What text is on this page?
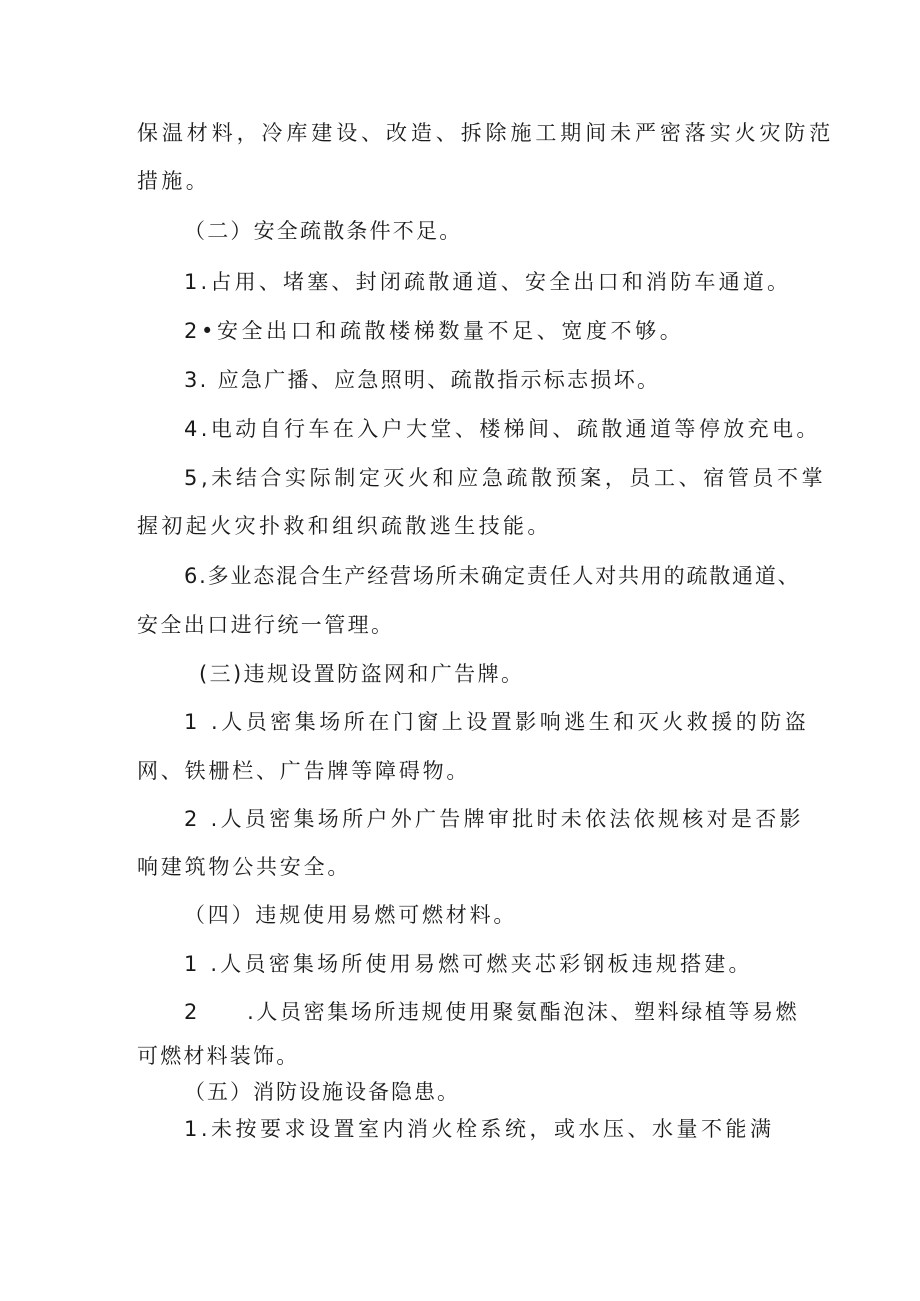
保温材料，冷库建设、改造、拆除施工期间未严密落实火灾防范
措施。
（二）安全疏散条件不足。
1.占用、堵塞、封闭疏散通道、安全出口和消防车通道。
2•安全出口和疏散楼梯数量不足、宽度不够。
3. 应急广播、应急照明、疏散指示标志损坏。
4.电动自行车在入户大堂、楼梯间、疏散通道等停放充电。
5,未结合实际制定灭火和应急疏散预案，员工、宿管员不掌
握初起火灾扑救和组织疏散逃生技能。
6.多业态混合生产经营场所未确定责任人对共用的疏散通道、
安全出口进行统一管理。
(三)违规设置防盗网和广告牌。
1 .人员密集场所在门窗上设置影响逃生和灭火救援的防盗
网、铁栅栏、广告牌等障碍物。
2 .人员密集场所户外广告牌审批时未依法依规核对是否影
响建筑物公共安全。
（四）违规使用易燃可燃材料。
1 .人员密集场所使用易燃可燃夹芯彩钢板违规搭建。
2　　.人员密集场所违规使用聚氨酯泡沫、塑料绿植等易燃
可燃材料装饰。
（五）消防设施设备隐患。
1.未按要求设置室内消火栓系统，或水压、水量不能满
